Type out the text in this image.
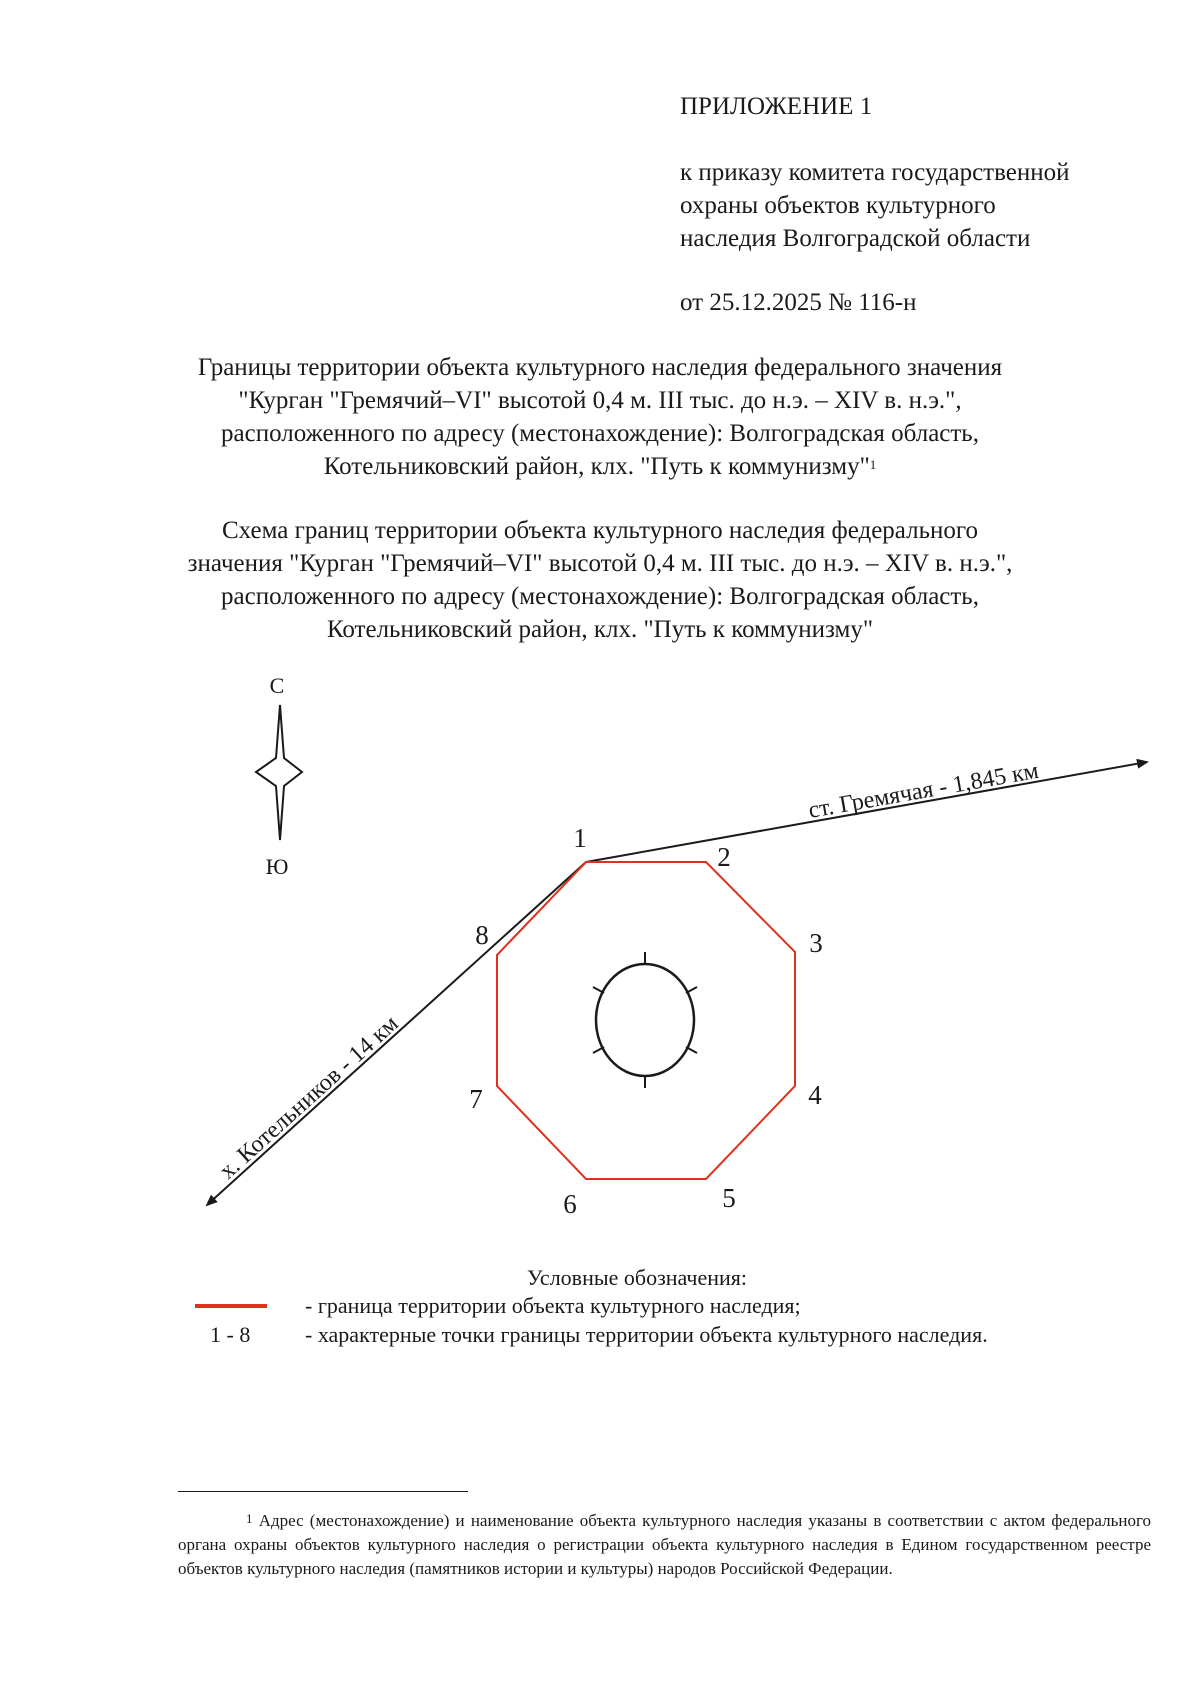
ПРИЛОЖЕНИЕ 1
к приказу комитета государственной
охраны объектов культурного
наследия Волгоградской области
от 25.12.2025 № 116-н
Границы территории объекта культурного наследия федерального значения
"Курган "Гремячий–VI" высотой 0,4 м. III тыс. до н.э. – XIV в. н.э.",
расположенного по адресу (местонахождение): Волгоградская область,
Котельниковский район, клх. "Путь к коммунизму"$^1$
Схема границ территории объекта культурного наследия федерального
значения "Курган "Гремячий–VI" высотой 0,4 м. III тыс. до н.э. – XIV в. н.э.",
расположенного по адресу (местонахождение): Волгоградская область,
Котельниковский район, клх. "Путь к коммунизму"
С
Ю
ст. Гремячая - 1,845 км
х. Котельников - 14 км
1
2
3
4
5
6
7
8
Условные обозначения:
- граница территории объекта культурного наследия;
1 - 8 - характерные точки границы территории объекта культурного наследия.
$^1$ Адрес (местонахождение) и наименование объекта культурного наследия указаны в соответствии с актом федерального органа охраны объектов культурного наследия о регистрации объекта культурного наследия в Едином государственном реестре объектов культурного наследия (памятников истории и культуры) народов Российской Федерации.
